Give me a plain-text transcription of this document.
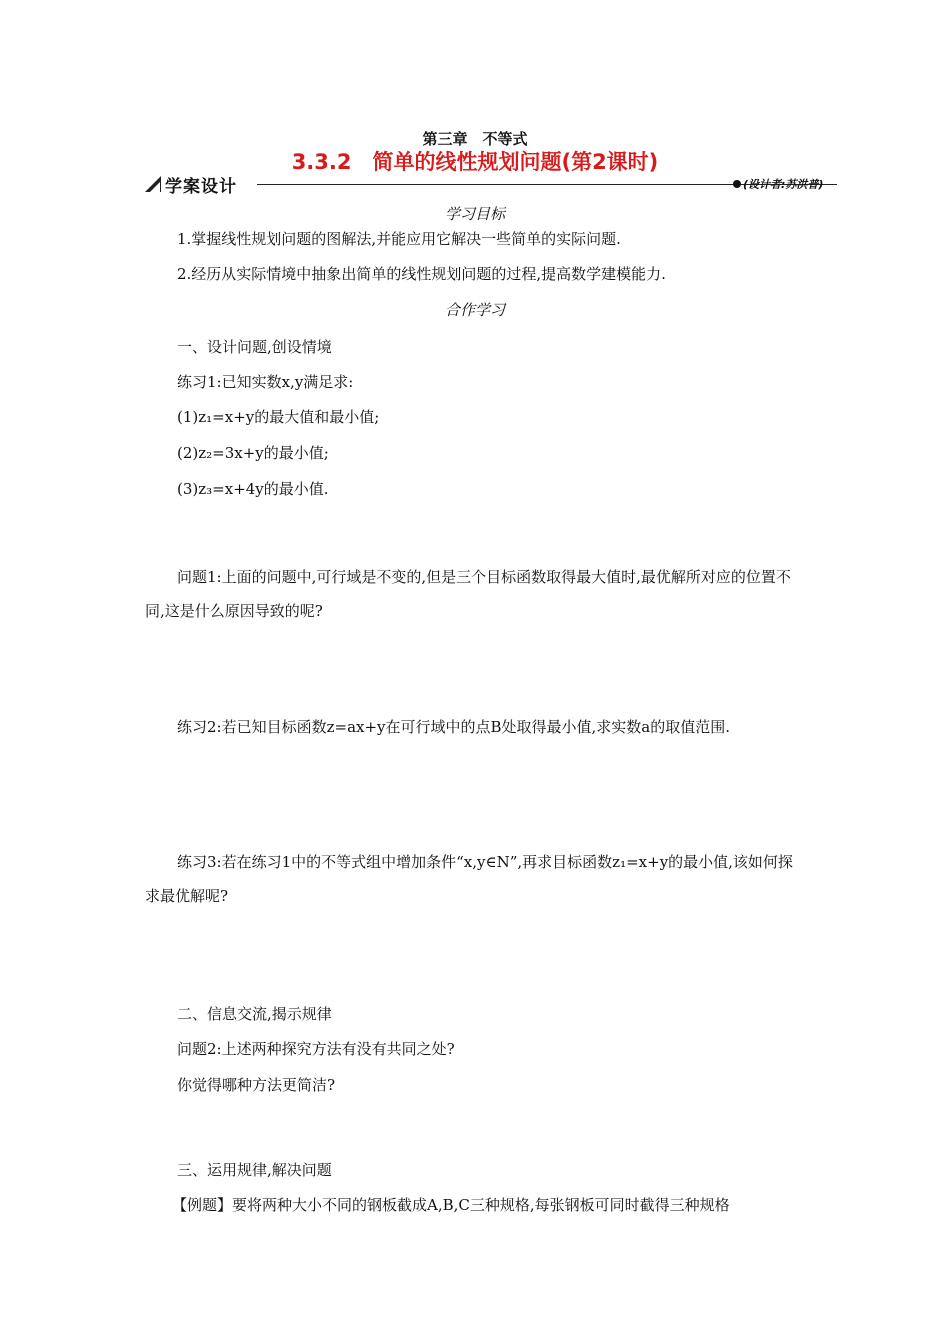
第三章　不等式
3.3.2　简单的线性规划问题(第2课时)
学案设计	(设计者:苏洪普)
学习目标
1.掌握线性规划问题的图解法,并能应用它解决一些简单的实际问题.
2.经历从实际情境中抽象出简单的线性规划问题的过程,提高数学建模能力.
合作学习
一、设计问题,创设情境
练习1:已知实数x,y满足求:
(1)z₁=x+y的最大值和最小值;
(2)z₂=3x+y的最小值;
(3)z₃=x+4y的最小值.
问题1:上面的问题中,可行域是不变的,但是三个目标函数取得最大值时,最优解所对应的位置不同,这是什么原因导致的呢?
练习2:若已知目标函数z=ax+y在可行域中的点B处取得最小值,求实数a的取值范围.
练习3:若在练习1中的不等式组中增加条件“x,y∈N”,再求目标函数z₁=x+y的最小值,该如何探求最优解呢?
二、信息交流,揭示规律
问题2:上述两种探究方法有没有共同之处?
你觉得哪种方法更简洁?
三、运用规律,解决问题
【例题】要将两种大小不同的钢板截成A,B,C三种规格,每张钢板可同时截得三种规格
